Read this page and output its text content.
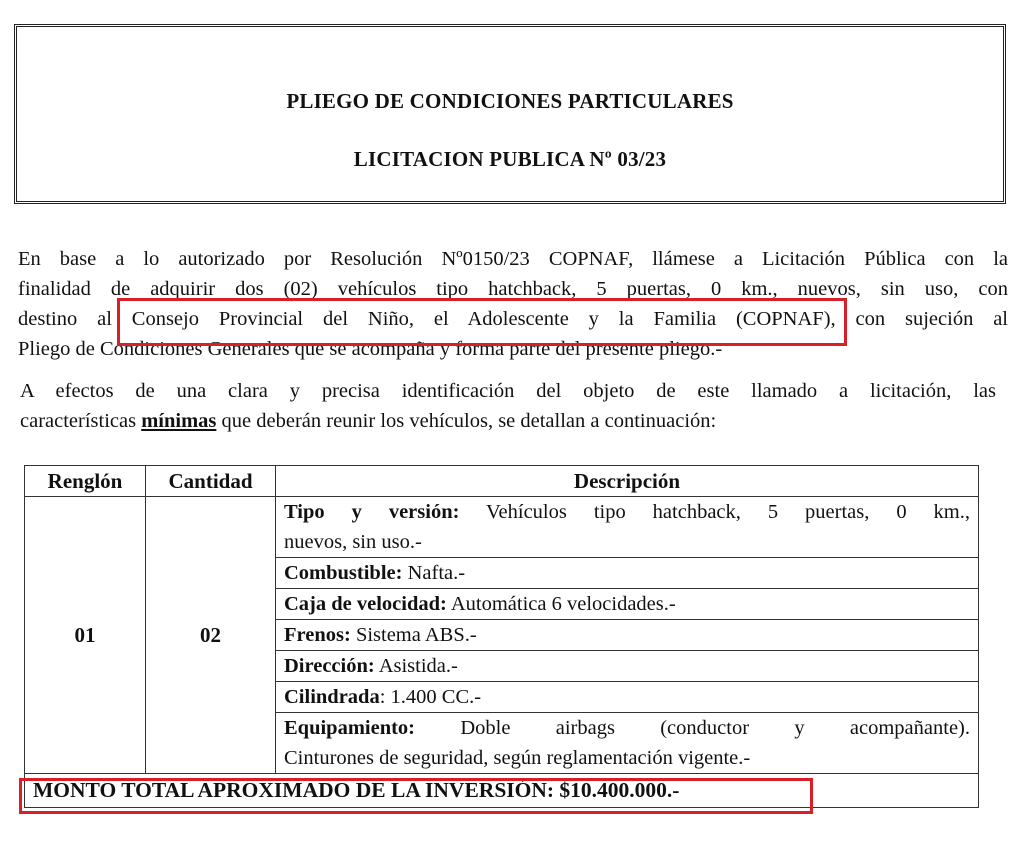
PLIEGO DE CONDICIONES PARTICULARES
LICITACION PUBLICA Nº 03/23
En base a lo autorizado por Resolución Nº0150/23 COPNAF, llámese a Licitación Pública con la
finalidad de adquirir dos (02) vehículos tipo hatchback, 5 puertas, 0 km., nuevos, sin uso, con
destino al Consejo Provincial del Niño, el Adolescente y la Familia (COPNAF), con sujeción al
Pliego de Condiciones Generales que se acompaña y forma parte del presente pliego.-
A efectos de una clara y precisa identificación del objeto de este llamado a licitación, las
características mínimas que deberán reunir los vehículos, se detallan a continuación:
Renglón	Cantidad	Descripción
01	02	Tipo y versión: Vehículos tipo hatchback, 5 puertas, 0 km.,
nuevos, sin uso.-

		Combustible: Nafta.-
		Caja de velocidad: Automática 6 velocidades.-
		Frenos: Sistema ABS.-
		Dirección: Asistida.-
		Cilindrada: 1.400 CC.-

		Equipamiento: Doble airbags (conductor y acompañante).
Cinturones de seguridad, según reglamentación vigente.-

MONTO TOTAL APROXIMADO DE LA INVERSIÓN: $10.400.000.-		
